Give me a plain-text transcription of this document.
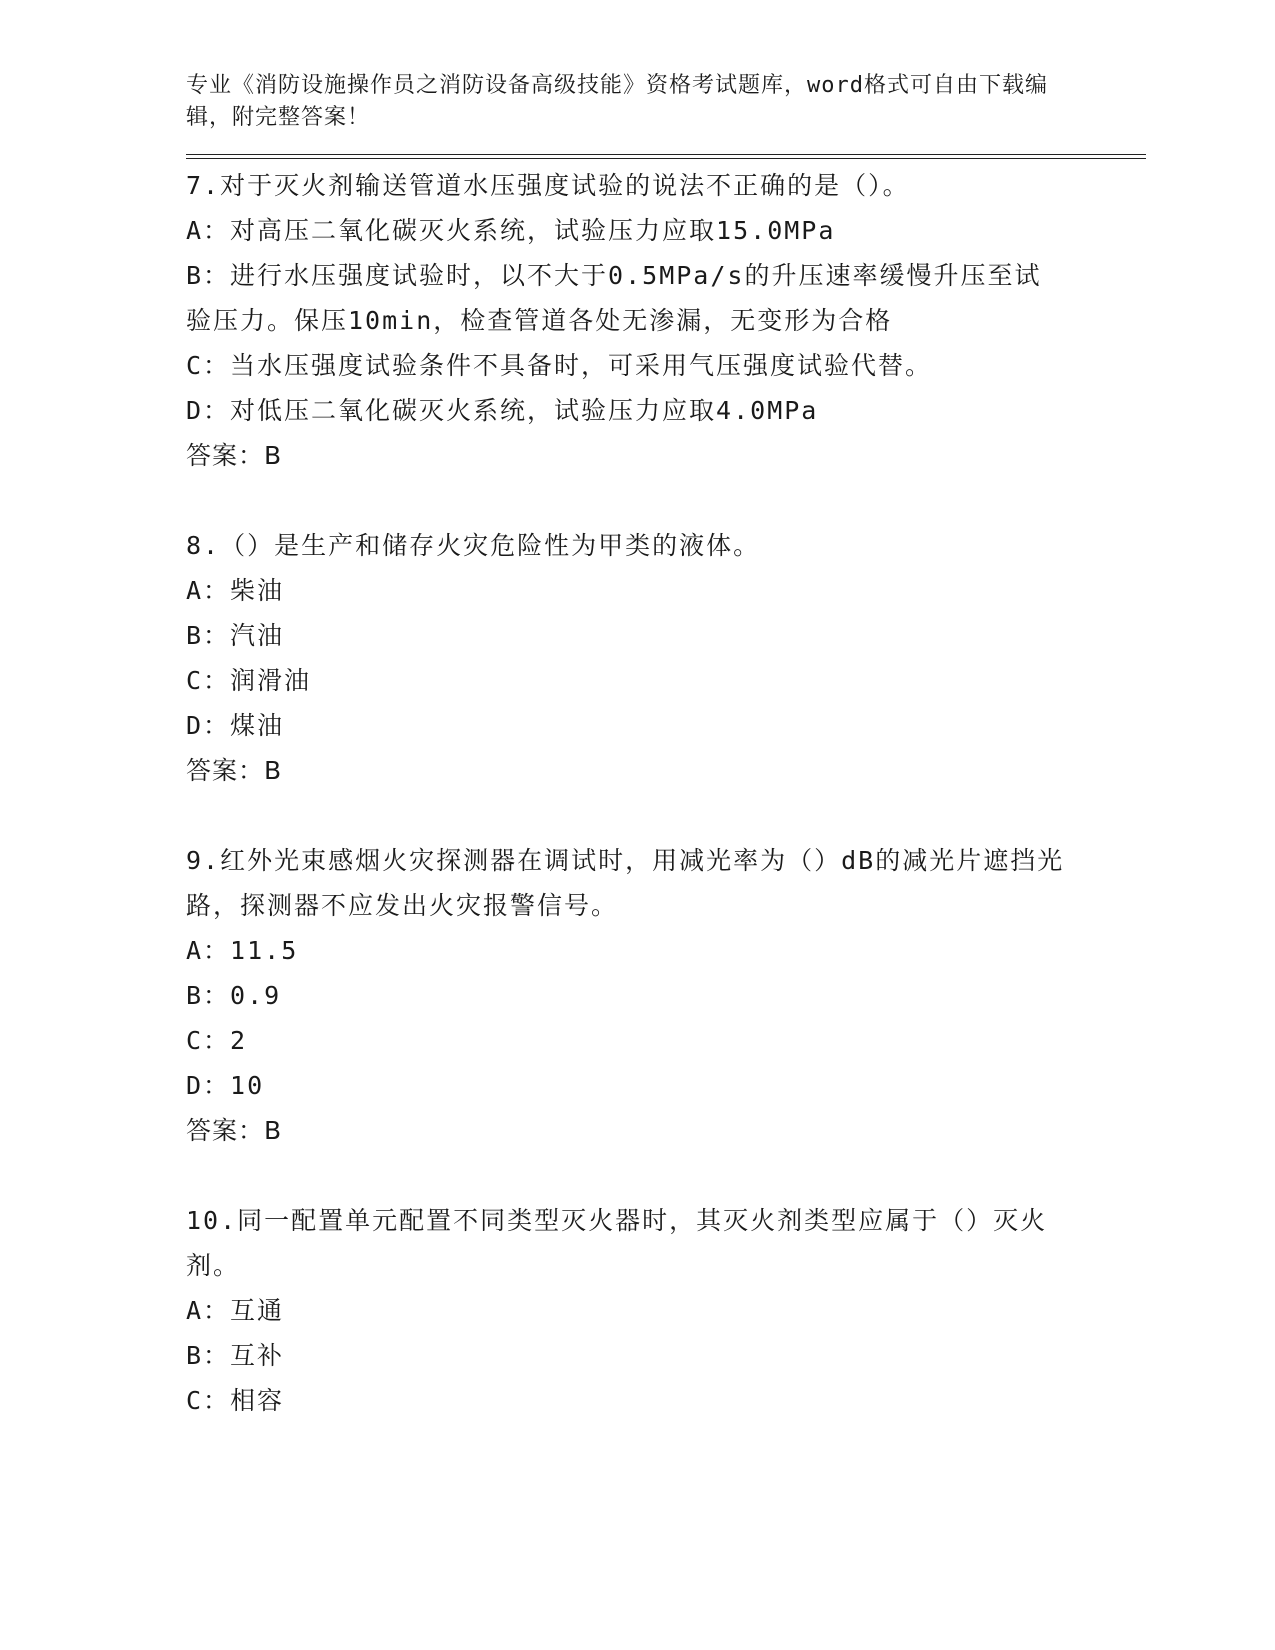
专业《消防设施操作员之消防设备高级技能》资格考试题库，word格式可自由下载编辑，附完整答案！
7.对于灭火剂输送管道水压强度试验的说法不正确的是（）。
A：对高压二氧化碳灭火系统，试验压力应取15.0MPa
B：进行水压强度试验时，以不大于0.5MPa/s的升压速率缓慢升压至试验压力。保压10min，检查管道各处无渗漏，无变形为合格
C：当水压强度试验条件不具备时，可采用气压强度试验代替。
D：对低压二氧化碳灭火系统，试验压力应取4.0MPa
答案：B
8.（）是生产和储存火灾危险性为甲类的液体。
A：柴油
B：汽油
C：润滑油
D：煤油
答案：B
9.红外光束感烟火灾探测器在调试时，用减光率为（）dB的减光片遮挡光路，探测器不应发出火灾报警信号。
A：11.5
B：0.9
C：2
D：10
答案：B
10.同一配置单元配置不同类型灭火器时，其灭火剂类型应属于（）灭火剂。
A：互通
B：互补
C：相容
